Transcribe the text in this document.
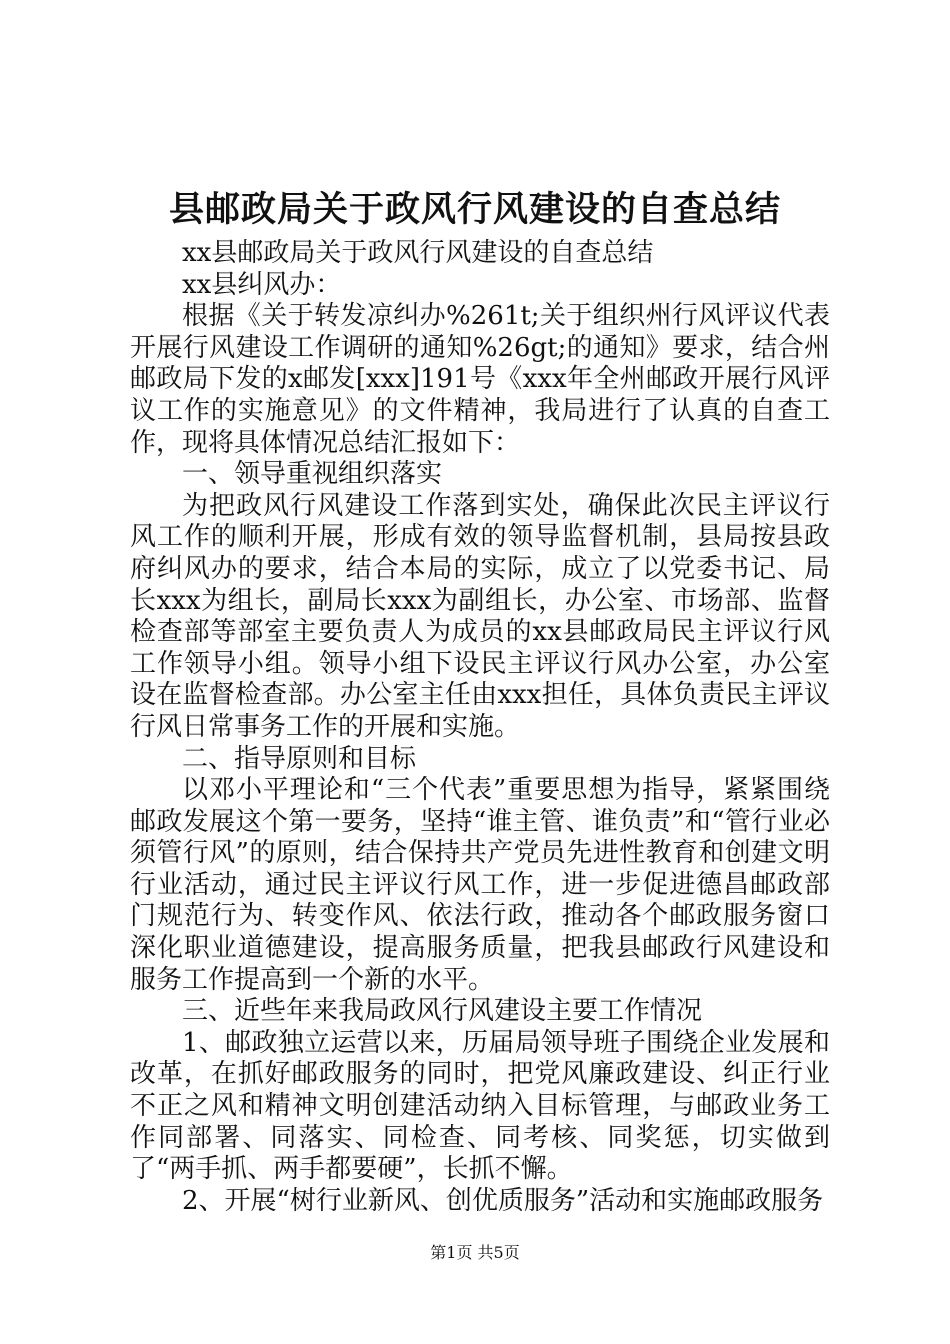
县邮政局关于政风行风建设的自查总结

xx县邮政局关于政风行风建设的自查总结

xx县纠风办：

根据《关于转发凉纠办%261t;关于组织州行风评议代表开展行风建设工作调研的通知%26gt;的通知》要求，结合州邮政局下发的x邮发[xxx]191号《xxx年全州邮政开展行风评议工作的实施意见》的文件精神，我局进行了认真的自查工作，现将具体情况总结汇报如下：

一、领导重视组织落实

为把政风行风建设工作落到实处，确保此次民主评议行风工作的顺利开展，形成有效的领导监督机制，县局按县政府纠风办的要求，结合本局的实际，成立了以党委书记、局长xxx为组长，副局长xxx为副组长，办公室、市场部、监督检查部等部室主要负责人为成员的xx县邮政局民主评议行风工作领导小组。领导小组下设民主评议行风办公室，办公室设在监督检查部。办公室主任由xxx担任，具体负责民主评议行风日常事务工作的开展和实施。

二、指导原则和目标

以邓小平理论和“三个代表”重要思想为指导，紧紧围绕邮政发展这个第一要务，坚持“谁主管、谁负责”和“管行业必须管行风”的原则，结合保持共产党员先进性教育和创建文明行业活动，通过民主评议行风工作，进一步促进德昌邮政部门规范行为、转变作风、依法行政，推动各个邮政服务窗口深化职业道德建设，提高服务质量，把我县邮政行风建设和服务工作提高到一个新的水平。

三、近些年来我局政风行风建设主要工作情况

1、邮政独立运营以来，历届局领导班子围绕企业发展和改革，在抓好邮政服务的同时，把党风廉政建设、纠正行业不正之风和精神文明创建活动纳入目标管理，与邮政业务工作同部署、同落实、同检查、同考核、同奖惩，切实做到了“两手抓、两手都要硬”，长抓不懈。

2、开展“树行业新风、创优质服务”活动和实施邮政服务

第1页 共5页
